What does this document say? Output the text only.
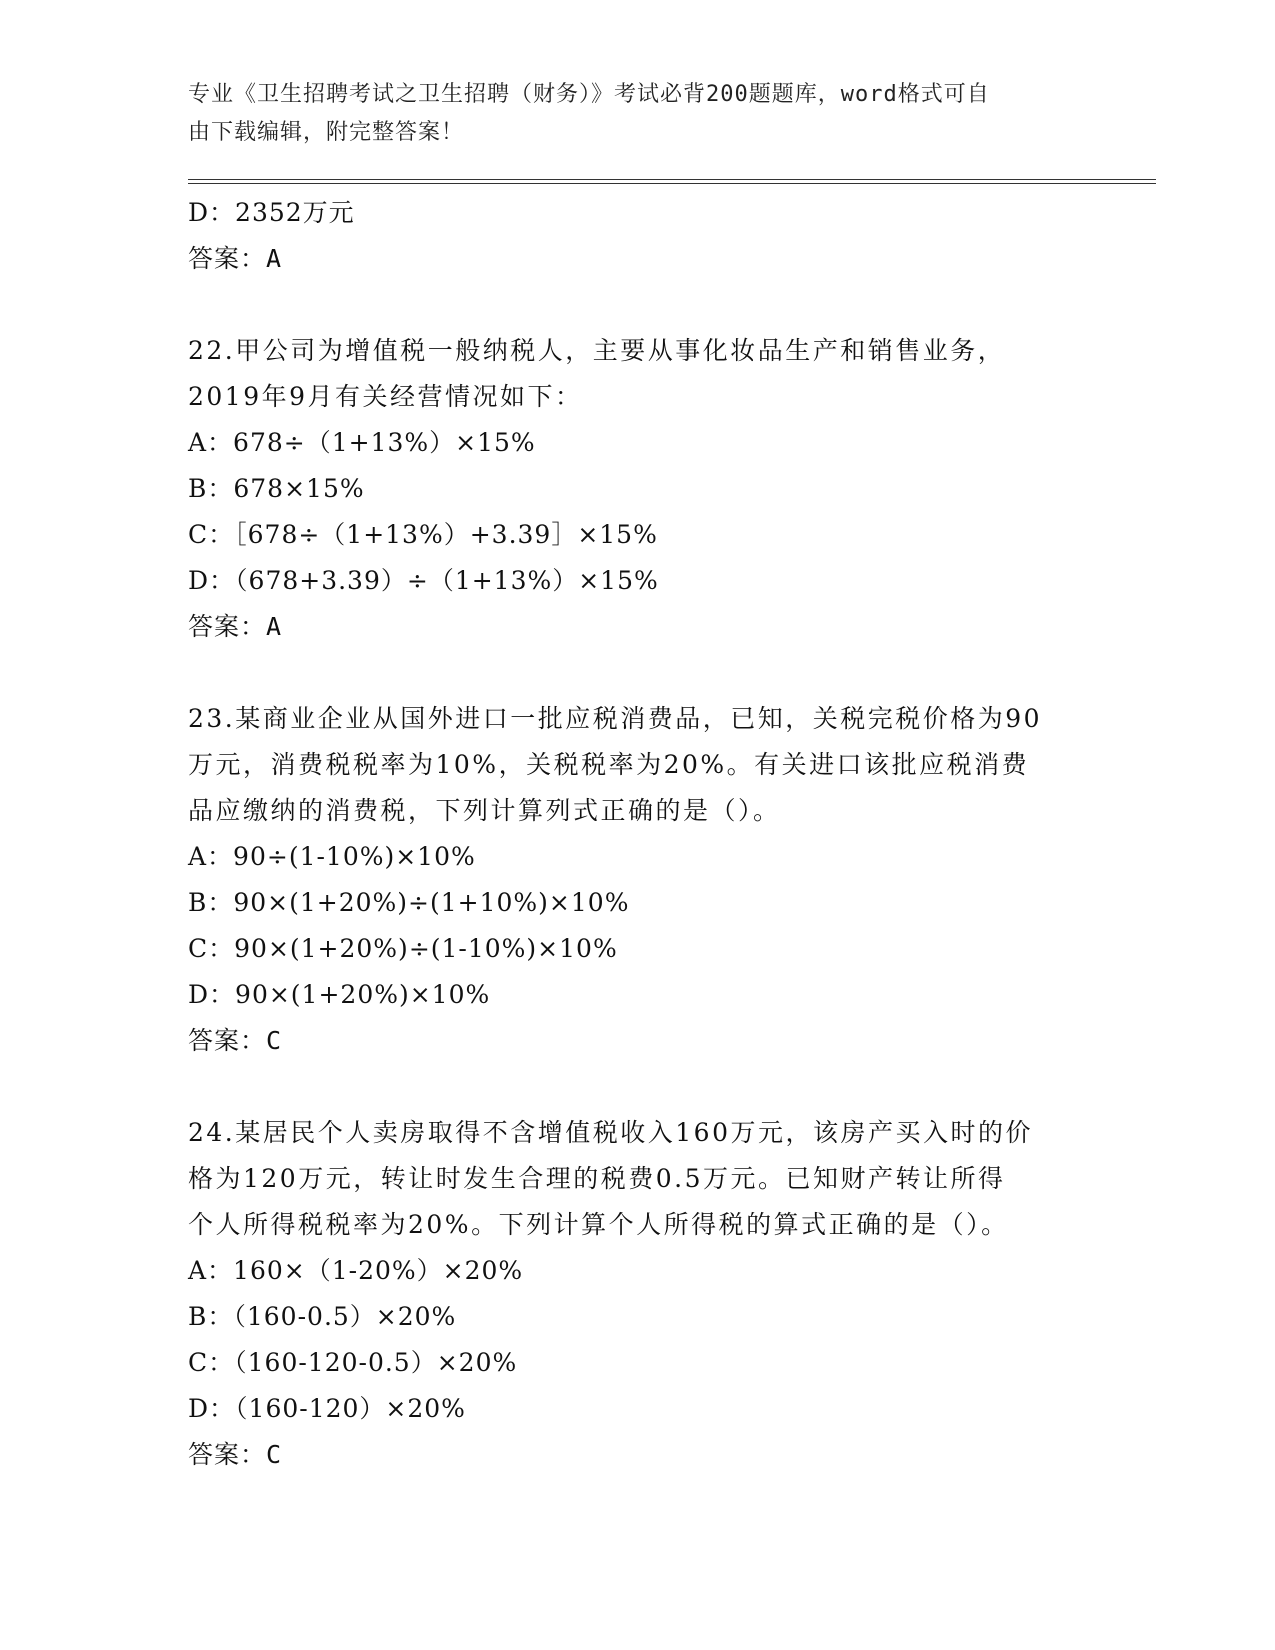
专业《卫生招聘考试之卫生招聘（财务）》考试必背200题题库，word格式可自
由下载编辑，附完整答案！
D：2352万元
答案：A
22.甲公司为增值税一般纳税人，主要从事化妆品生产和销售业务，
2019年9月有关经营情况如下：
A：678÷（1+13%）×15%
B：678×15%
C：［678÷（1+13%）+3.39］×15%
D：（678+3.39）÷（1+13%）×15%
答案：A
23.某商业企业从国外进口一批应税消费品，已知，关税完税价格为90
万元，消费税税率为10%，关税税率为20%。有关进口该批应税消费
品应缴纳的消费税，下列计算列式正确的是（）。
A：90÷(1-10%)×10%
B：90×(1+20%)÷(1+10%)×10%
C：90×(1+20%)÷(1-10%)×10%
D：90×(1+20%)×10%
答案：C
24.某居民个人卖房取得不含增值税收入160万元，该房产买入时的价
格为120万元，转让时发生合理的税费0.5万元。已知财产转让所得
个人所得税税率为20%。下列计算个人所得税的算式正确的是（）。
A：160×（1-20%）×20%
B：（160-0.5）×20%
C：（160-120-0.5）×20%
D：（160-120）×20%
答案：C
